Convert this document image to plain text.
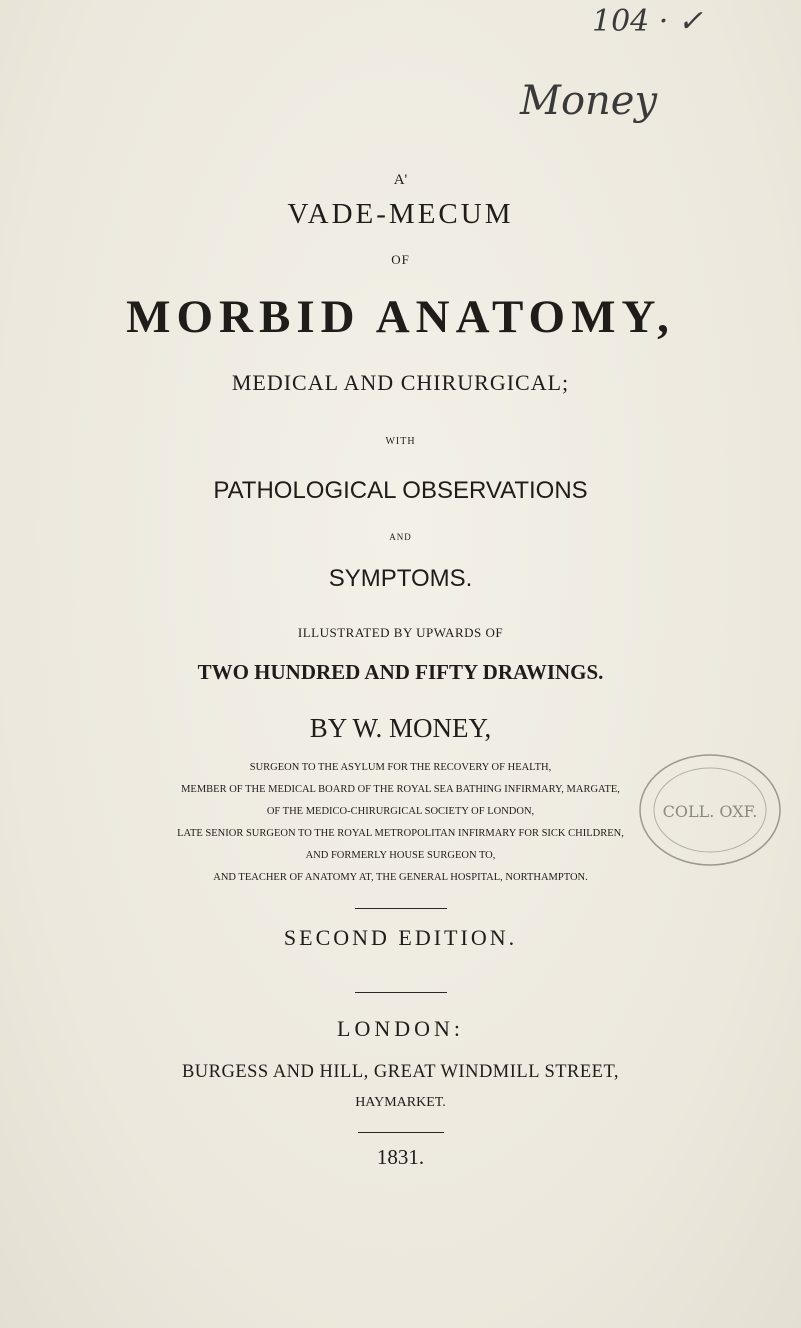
104 · ✓
Money
A'
VADE-MECUM
OF
MORBID ANATOMY,
MEDICAL AND CHIRURGICAL;
WITH
PATHOLOGICAL OBSERVATIONS
AND
SYMPTOMS.
ILLUSTRATED BY UPWARDS OF
TWO HUNDRED AND FIFTY DRAWINGS.
BY W. MONEY,
SURGEON TO THE ASYLUM FOR THE RECOVERY OF HEALTH,
MEMBER OF THE MEDICAL BOARD OF THE ROYAL SEA BATHING INFIRMARY, MARGATE,
OF THE MEDICO-CHIRURGICAL SOCIETY OF LONDON,
LATE SENIOR SURGEON TO THE ROYAL METROPOLITAN INFIRMARY FOR SICK CHILDREN,
AND FORMERLY HOUSE SURGEON TO,
AND TEACHER OF ANATOMY AT, THE GENERAL HOSPITAL, NORTHAMPTON.
SECOND EDITION.
LONDON:
BURGESS AND HILL, GREAT WINDMILL STREET,
HAYMARKET.
1831.
COLL. OXF.
